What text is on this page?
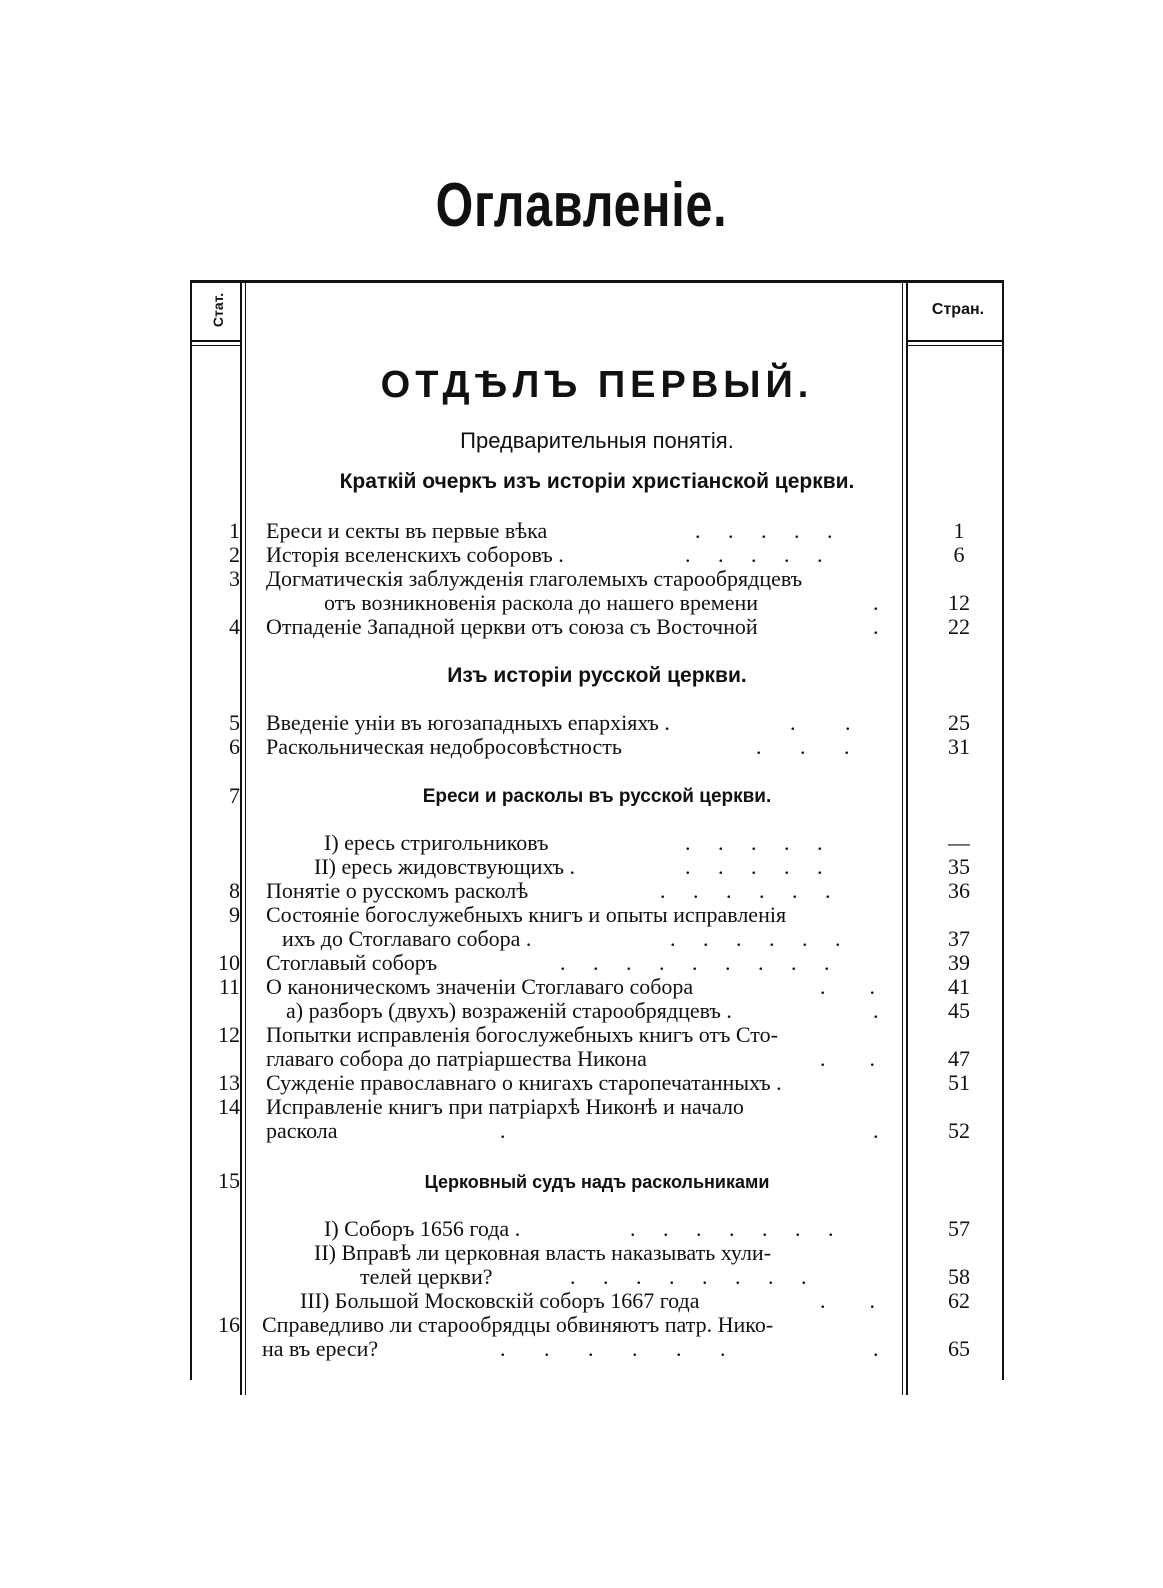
Оглавленiе.
Стат.	Стран.
ОТДѢЛЪ ПЕРВЫЙ.
Предварительныя понятія.
Краткій очеркъ изъ исторіи христіанской церкви.
1 Ереси и секты въ первые вѣка	.     .     .     .     .	1
2 Исторія вселенскихъ соборовъ .	.     .     .     .     .	6
3 Догматическія заблужденія глаголемыхъ старообрядцевъ
отъ возникновенія раскола до нашего времени	.	12
4 Отпаденіе Западной церкви отъ союза съ Восточной	.	22
Изъ исторіи русской церкви.
5 Введеніе уніи въ югозападныхъ епархіяхъ .	.         .	25
6 Раскольническая недобросовѣстность	.       .       .	31
7	Ереси и расколы въ русской церкви.
I) ересь стригольниковъ	.     .     .     .     .	—
II) ересь жидовствующихъ .	.     .     .     .     .	35
8 Понятіе о русскомъ расколѣ	.     .     .     .     .     .	36
9 Состояніе богослужебныхъ книгъ и опыты исправленія
ихъ до Стоглаваго собора .	.     .     .     .     .     .	37
10 Стоглавый соборъ	.     .     .     .     .     .     .     .     .	39
11 О каноническомъ значеніи Стоглаваго собора	.        .	41
а) разборъ (двухъ) возраженій старообрядцевъ .	.	45
12 Попытки исправленія богослужебныхъ книгъ отъ Сто-
главаго собора до патріаршества Никона	.        .	47
13 Сужденіе православнаго о книгахъ старопечатанныхъ .	51
14 Исправленіе книгъ при патріархѣ Никонѣ и начало
раскола	.	.	52
15	Церковный судъ надъ раскольниками
I) Соборъ 1656 года .	.     .     .     .     .     .     .	57
II) Вправѣ ли церковная власть наказывать хули-
телей церкви?	.     .     .     .     .     .     .     .	58
III) Большой Московскій соборъ 1667 года	.        .	62
16 Справедливо ли старообрядцы обвиняютъ патр. Нико-
на въ ереси?	.       .       .       .       .       .	.	65
